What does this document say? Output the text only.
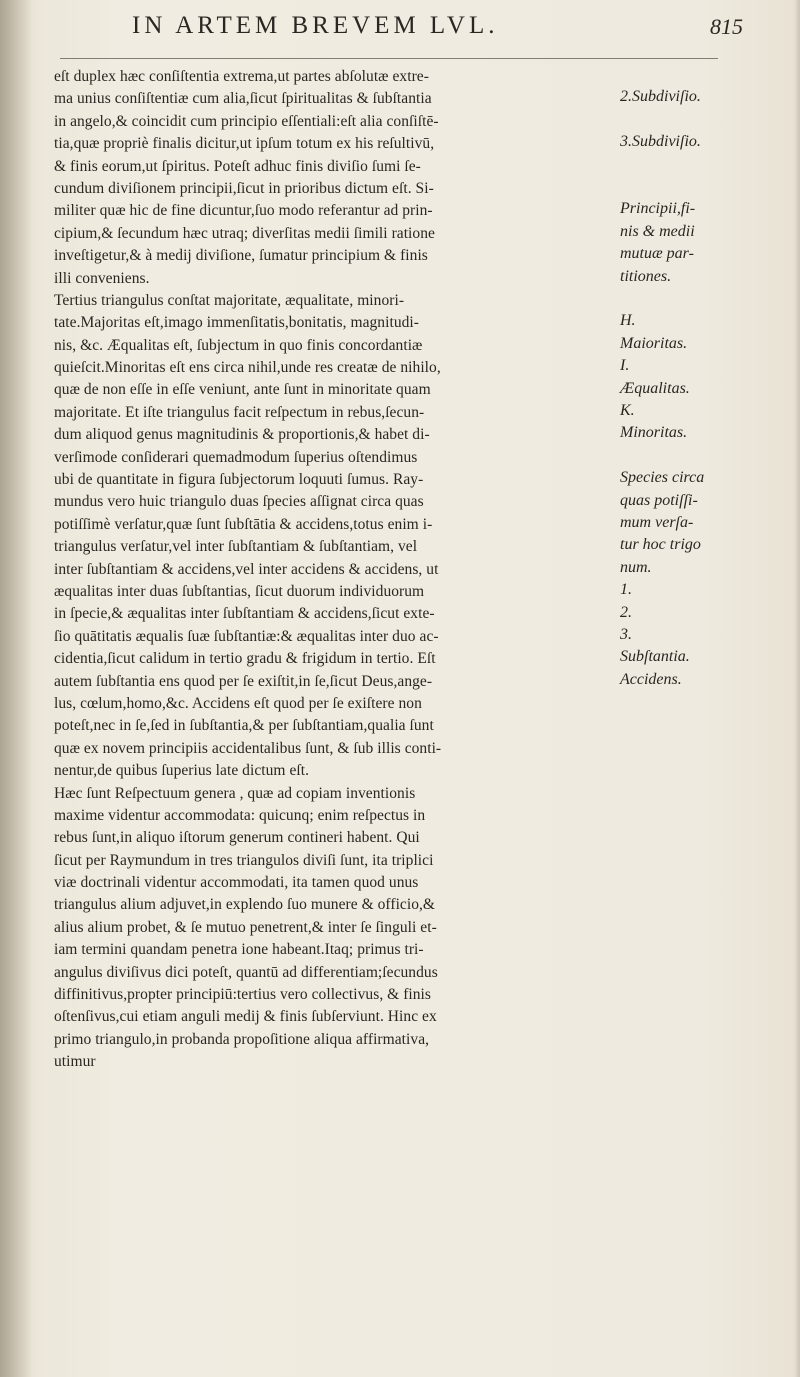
IN ARTEM BREVEM LVL.	815
eſt duplex hæc conſiſtentia extrema,ut partes abſolutæ extre-
ma unius conſiſtentiæ cum alia,ſicut ſpiritualitas & ſubſtantia
in angelo,& coincidit cum principio eſſentiali:eſt alia conſiſtē-
tia,quæ propriè finalis dicitur,ut ipſum totum ex his reſultivū,
& finis eorum,ut ſpiritus. Poteſt adhuc finis diviſio ſumi ſe-
cundum diviſionem principii,ſicut in prioribus dictum eſt. Si-
militer quæ hic de fine dicuntur,ſuo modo referantur ad prin-
cipium,& ſecundum hæc utraq; diverſitas medii ſimili ratione
inveſtigetur,& à medij diviſione, ſumatur principium & finis
illi conveniens.
Tertius triangulus conſtat majoritate, æqualitate, minori-
tate.Majoritas eſt,imago immenſitatis,bonitatis, magnitudi-
nis, &c. Æqualitas eſt, ſubjectum in quo finis concordantiæ
quieſcit.Minoritas eſt ens circa nihil,unde res creatæ de nihilo,
quæ de non eſſe in eſſe veniunt, ante ſunt in minoritate quam
majoritate. Et iſte triangulus facit reſpectum in rebus,ſecun-
dum aliquod genus magnitudinis & proportionis,& habet di-
verſimode conſiderari quemadmodum ſuperius oſtendimus
ubi de quantitate in figura ſubjectorum loquuti ſumus. Ray-
mundus vero huic triangulo duas ſpecies aſſignat circa quas
potiſſimè verſatur,quæ ſunt ſubſtātia & accidens,totus enim i-
triangulus verſatur,vel inter ſubſtantiam & ſubſtantiam, vel
inter ſubſtantiam & accidens,vel inter accidens & accidens, ut
æqualitas inter duas ſubſtantias, ſicut duorum individuorum
in ſpecie,& æqualitas inter ſubſtantiam & accidens,ſicut exte-
ſio quātitatis æqualis ſuæ ſubſtantiæ:& æqualitas inter duo ac-
cidentia,ſicut calidum in tertio gradu & frigidum in tertio. Eſt
autem ſubſtantia ens quod per ſe exiſtit,in ſe,ſicut Deus,ange-
lus, cœlum,homo,&c. Accidens eſt quod per ſe exiſtere non
poteſt,nec in ſe,ſed in ſubſtantia,& per ſubſtantiam,qualia ſunt
quæ ex novem principiis accidentalibus ſunt, & ſub illis conti-
nentur,de quibus ſuperius late dictum eſt.
Hæc ſunt Reſpectuum genera , quæ ad copiam inventionis
maxime videntur accommodata: quicunq; enim reſpectus in
rebus ſunt,in aliquo iſtorum generum contineri habent. Qui
ſicut per Raymundum in tres triangulos diviſi ſunt, ita triplici
viæ doctrinali videntur accommodati, ita tamen quod unus
triangulus alium adjuvet,in explendo ſuo munere & officio,&
alius alium probet, & ſe mutuo penetrent,& inter ſe ſinguli et-
iam termini quandam penetra ione habeant.Itaq; primus tri-
angulus diviſivus dici poteſt, quantū ad differentiam;ſecundus
diffinitivus,propter principiū:tertius vero collectivus, & finis
oſtenſivus,cui etiam anguli medij & finis ſubſerviunt. Hinc ex
primo triangulo,in probanda propoſitione aliqua affirmativa,
utimur
2.Subdiviſio.
3.Subdiviſio.
Principii,fi-
nis & medii
mutuæ par-
titiones.
H.
Maioritas.
I.
Æqualitas.
K.
Minoritas.
Species circa
quas potiſſi-
mum verſa-
tur hoc trigo
num.
1.
2.
3.
Subſtantia.
Accidens.
